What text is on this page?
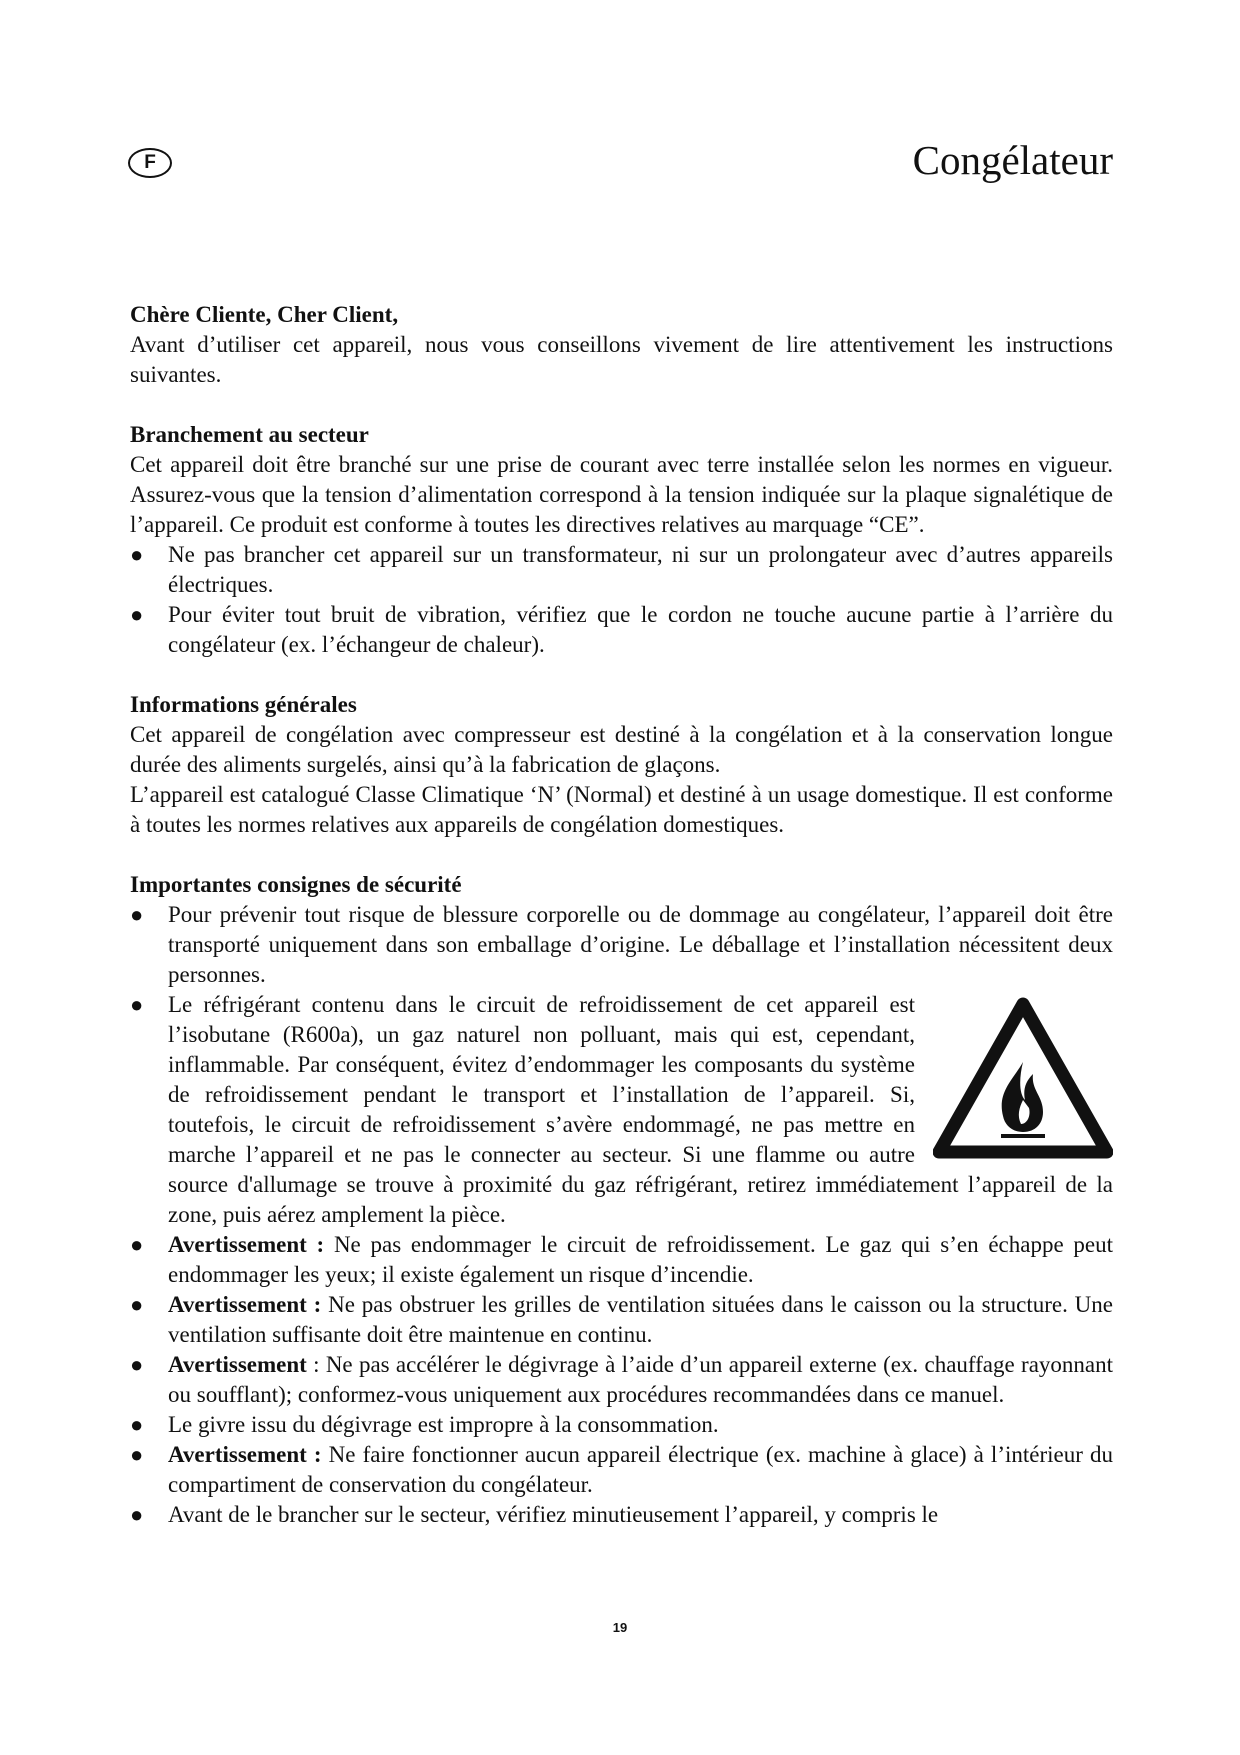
F	Congélateur

Chère Cliente, Cher Client,

Avant d’utiliser cet appareil, nous vous conseillons vivement de lire attentivement les instructions suivantes.

Branchement au secteur

Cet appareil doit être branché sur une prise de courant avec terre installée selon les normes en vigueur. Assurez-vous que la tension d’alimentation correspond à la tension indiquée sur la plaque signalétique de l’appareil. Ce produit est conforme à toutes les directives relatives au marquage “CE”.

● Ne pas brancher cet appareil sur un transformateur, ni sur un prolongateur avec d’autres appareils électriques.
● Pour éviter tout bruit de vibration, vérifiez que le cordon ne touche aucune partie à l’arrière du congélateur (ex. l’échangeur de chaleur).

Informations générales

Cet appareil de congélation avec compresseur est destiné à la congélation et à la conservation longue durée des aliments surgelés, ainsi qu’à la fabrication de glaçons.

L’appareil est catalogué Classe Climatique ‘N’ (Normal) et destiné à un usage domestique. Il est conforme à toutes les normes relatives aux appareils de congélation domestiques.

Importantes consignes de sécurité

● Pour prévenir tout risque de blessure corporelle ou de dommage au congélateur, l’appareil doit être transporté uniquement dans son emballage d’origine. Le déballage et l’installation nécessitent deux personnes.
● Le réfrigérant contenu dans le circuit de refroidissement de cet appareil est l’isobutane (R600a), un gaz naturel non polluant, mais qui est, cependant, inflammable. Par conséquent, évitez d’endommager les composants du système de refroidissement pendant le transport et l’installation de l’appareil. Si, toutefois, le circuit de refroidissement s’avère endommagé, ne pas mettre en marche l’appareil et ne pas le connecter au secteur. Si une flamme ou autre source d'allumage se trouve à proximité du gaz réfrigérant, retirez immédiatement l’appareil de la zone, puis aérez amplement la pièce.
● Avertissement : Ne pas endommager le circuit de refroidissement. Le gaz qui s’en échappe peut endommager les yeux; il existe également un risque d’incendie.
● Avertissement : Ne pas obstruer les grilles de ventilation situées dans le caisson ou la structure. Une ventilation suffisante doit être maintenue en continu.
● Avertissement : Ne pas accélérer le dégivrage à l’aide d’un appareil externe (ex. chauffage rayonnant ou soufflant); conformez-vous uniquement aux procédures recommandées dans ce manuel.
● Le givre issu du dégivrage est impropre à la consommation.
● Avertissement : Ne faire fonctionner aucun appareil électrique (ex. machine à glace) à l’intérieur du compartiment de conservation du congélateur.
● Avant de le brancher sur le secteur, vérifiez minutieusement l’appareil, y compris le
19
